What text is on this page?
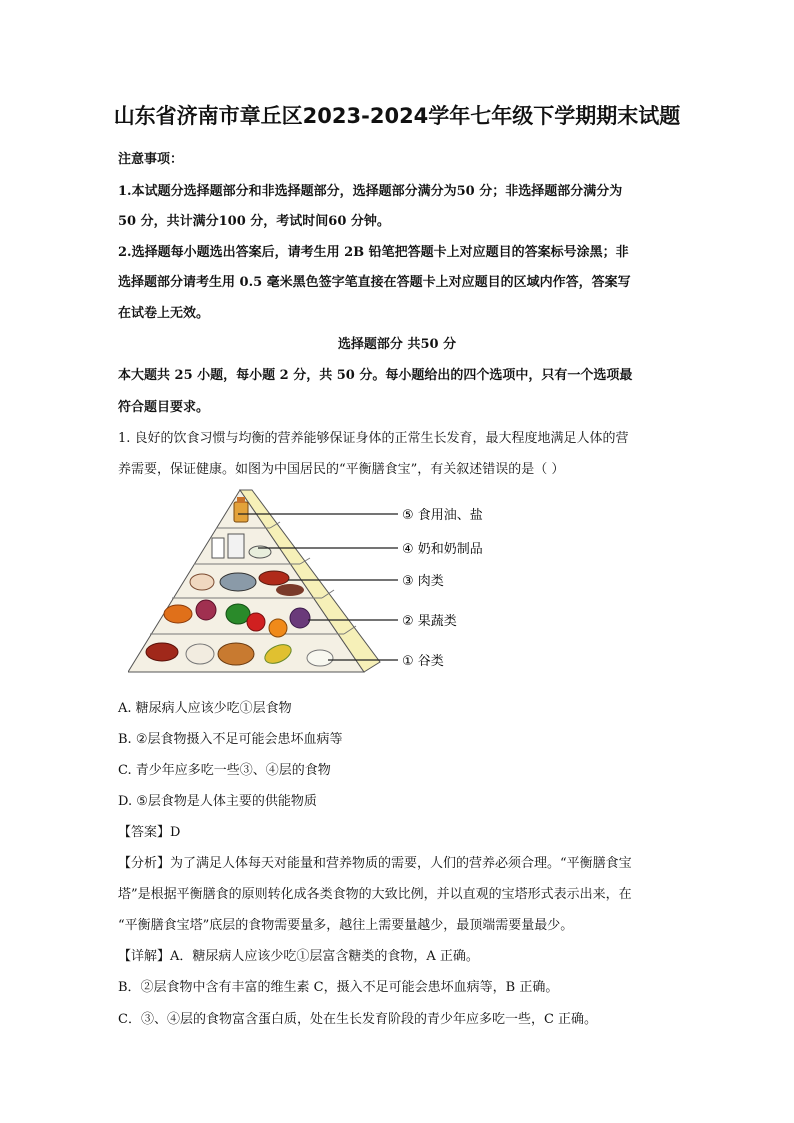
山东省济南市章丘区2023-2024学年七年级下学期期末试题
注意事项：
1.本试题分选择题部分和非选择题部分，选择题部分满分为50 分；非选择题部分满分为
50 分，共计满分100 分，考试时间60 分钟。
2.选择题每小题选出答案后，请考生用 2B 铅笔把答题卡上对应题目的答案标号涂黑；非
选择题部分请考生用 0.5 毫米黑色签字笔直接在答题卡上对应题目的区域内作答，答案写
在试卷上无效。
选择题部分 共50 分
本大题共 25 小题，每小题 2 分，共 50 分。每小题给出的四个选项中，只有一个选项最
符合题目要求。
1. 良好的饮食习惯与均衡的营养能够保证身体的正常生长发育，最大程度地满足人体的营
养需要，保证健康。如图为中国居民的“平衡膳食宝”，有关叙述错误的是（ ）
⑤ 食用油、盐
④ 奶和奶制品
③ 肉类
② 果蔬类
① 谷类
A. 糖尿病人应该少吃①层食物
B. ②层食物摄入不足可能会患坏血病等
C. 青少年应多吃一些③、④层的食物
D. ⑤层食物是人体主要的供能物质
【答案】D
【分析】为了满足人体每天对能量和营养物质的需要，人们的营养必须合理。“平衡膳食宝
塔”是根据平衡膳食的原则转化成各类食物的大致比例，并以直观的宝塔形式表示出来，在
“平衡膳食宝塔”底层的食物需要量多，越往上需要量越少，最顶端需要量最少。
【详解】A．糖尿病人应该少吃①层富含糖类的食物，A 正确。
B．②层食物中含有丰富的维生素 C，摄入不足可能会患坏血病等，B 正确。
C．③、④层的食物富含蛋白质，处在生长发育阶段的青少年应多吃一些，C 正确。
